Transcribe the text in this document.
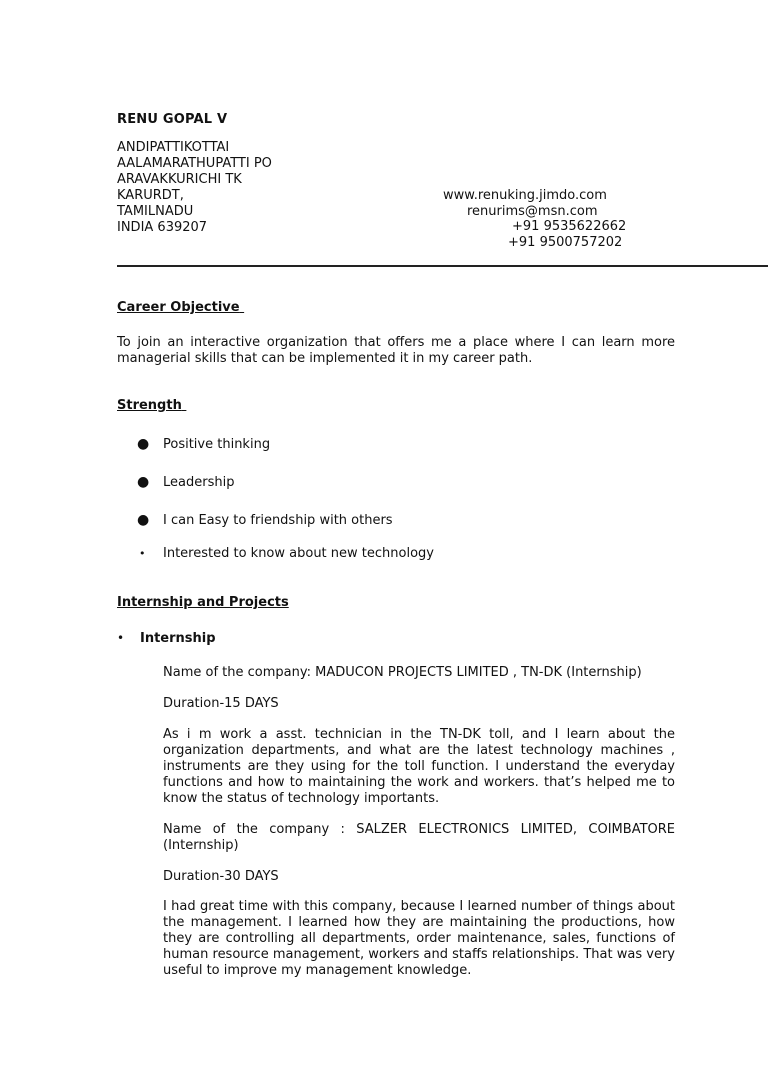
RENU GOPAL V
ANDIPATTIKOTTAI
AALAMARATHUPATTI PO
ARAVAKKURICHI TK
KARURDT,
TAMILNADU
INDIA 639207
www.renuking.jimdo.com
renurims@msn.com
+91 9535622662
+91 9500757202
Career Objective
To join an interactive organization that offers me a place where I can learn more managerial skills that can be implemented it in my career path.
Strength
● Positive thinking
● Leadership
● I can Easy to friendship with others
• Interested to know about new technology
Internship and Projects
• Internship
Name of the company: MADUCON PROJECTS LIMITED , TN-DK (Internship)
Duration-15 DAYS
As i m work a asst. technician in the TN-DK toll, and I learn about the organization departments, and what are the latest technology machines , instruments are they using for the toll function. I understand the everyday functions and how to maintaining the work and workers. that’s helped me to know the status of technology importants.
Name of the company : SALZER ELECTRONICS LIMITED, COIMBATORE (Internship)
Duration-30 DAYS
I had great time with this company, because I learned number of things about the management. I learned how they are maintaining the productions, how they are controlling all departments, order maintenance, sales, functions of human resource management, workers and staffs relationships. That was very useful to improve my management knowledge.
